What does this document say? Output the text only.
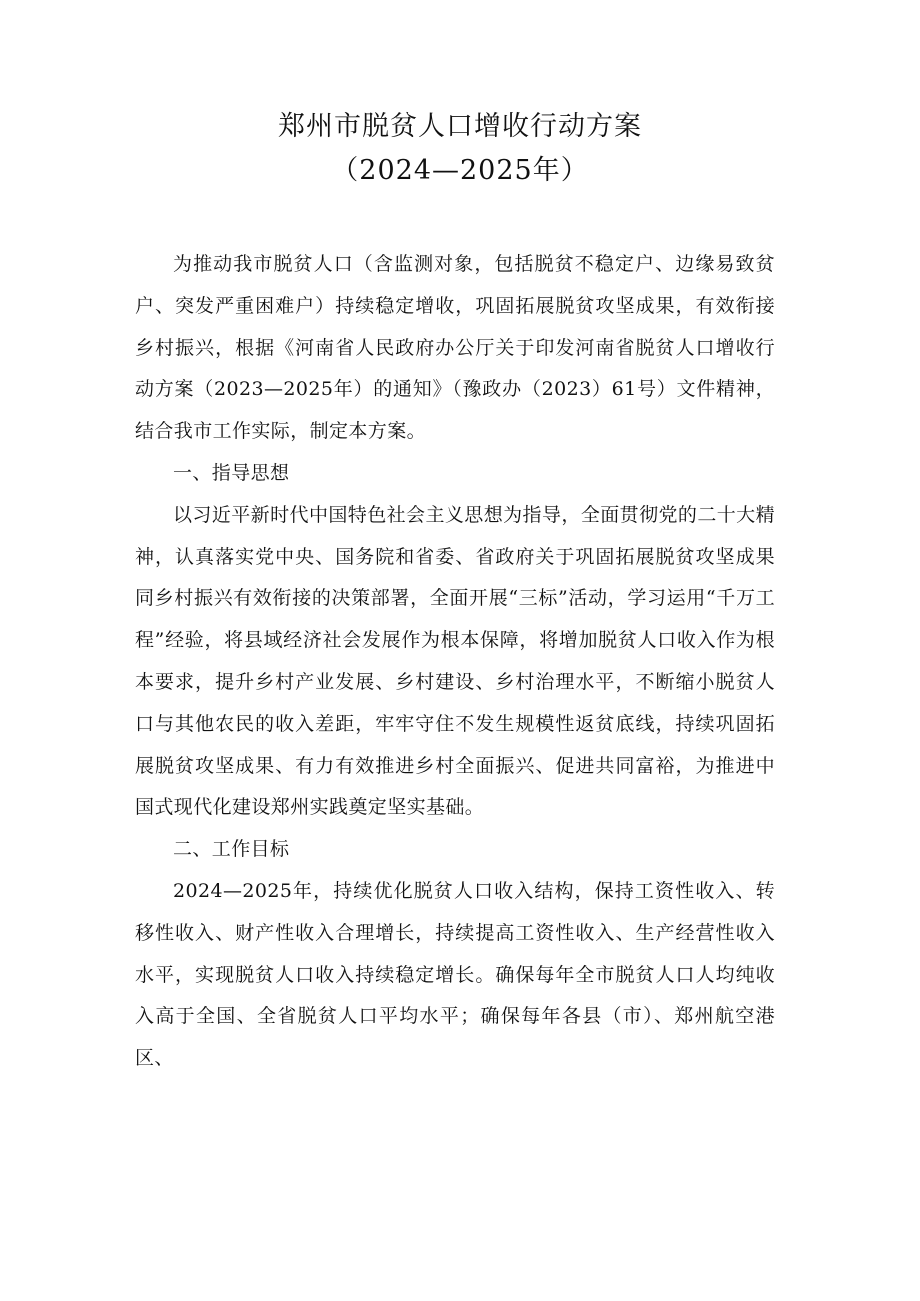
郑州市脱贫人口增收行动方案
（2024—2025年）

为推动我市脱贫人口（含监测对象，包括脱贫不稳定户、边缘易致贫户、突发严重困难户）持续稳定增收，巩固拓展脱贫攻坚成果，有效衔接乡村振兴，根据《河南省人民政府办公厅关于印发河南省脱贫人口增收行动方案（2023—2025年）的通知》（豫政办（2023）61号）文件精神，结合我市工作实际，制定本方案。

一、指导思想

以习近平新时代中国特色社会主义思想为指导，全面贯彻党的二十大精神，认真落实党中央、国务院和省委、省政府关于巩固拓展脱贫攻坚成果同乡村振兴有效衔接的决策部署，全面开展“三标”活动，学习运用“千万工程”经验，将县域经济社会发展作为根本保障，将增加脱贫人口收入作为根本要求，提升乡村产业发展、乡村建设、乡村治理水平，不断缩小脱贫人口与其他农民的收入差距，牢牢守住不发生规模性返贫底线，持续巩固拓展脱贫攻坚成果、有力有效推进乡村全面振兴、促进共同富裕，为推进中国式现代化建设郑州实践奠定坚实基础。

二、工作目标

2024—2025年，持续优化脱贫人口收入结构，保持工资性收入、转移性收入、财产性收入合理增长，持续提高工资性收入、生产经营性收入水平，实现脱贫人口收入持续稳定增长。确保每年全市脱贫人口人均纯收入高于全国、全省脱贫人口平均水平；确保每年各县（市）、郑州航空港区、
